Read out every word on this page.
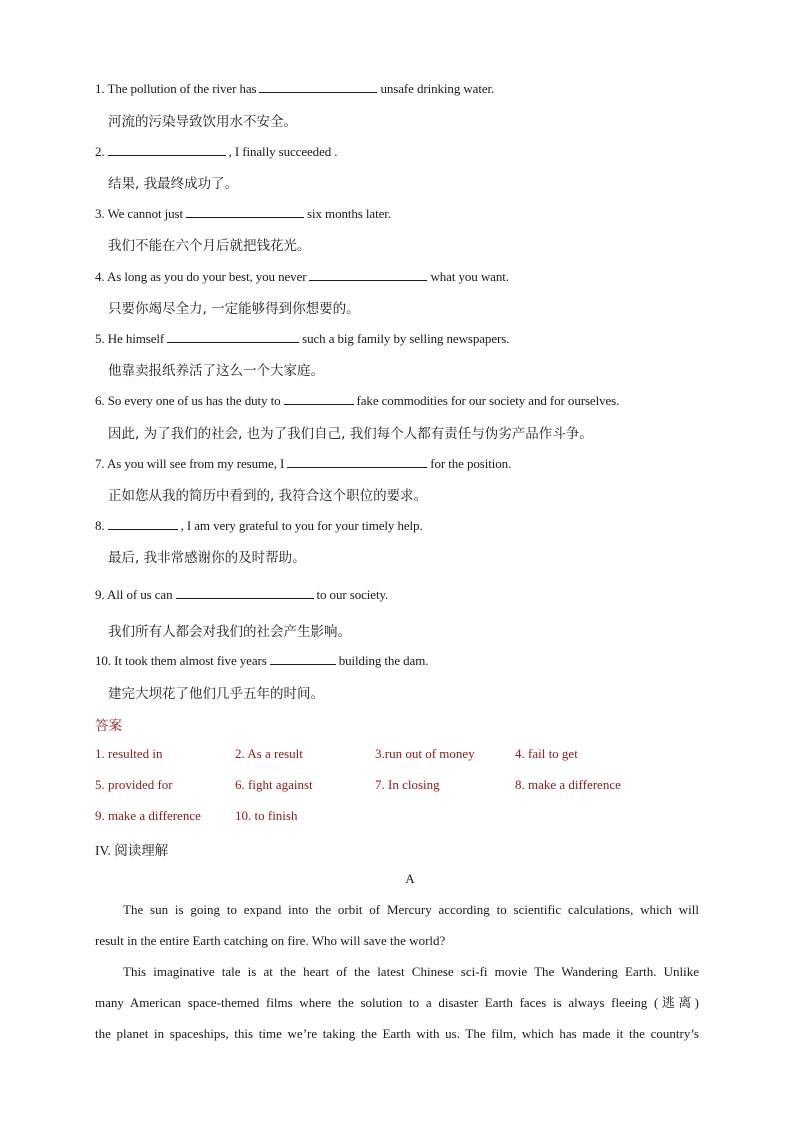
1. The pollution of the river has	unsafe drinking water.
河流的污染导致饮用水不安全。
2.	, I finally succeeded .
结果, 我最终成功了。
3. We cannot just	six months later.
我们不能在六个月后就把钱花光。
4. As long as you do your best, you never	what you want.
只要你竭尽全力, 一定能够得到你想要的。
5. He himself	such a big family by selling newspapers.
他靠卖报纸养活了这么一个大家庭。
6. So every one of us has the duty to	fake commodities for our society and for ourselves.
因此, 为了我们的社会, 也为了我们自己, 我们每个人都有责任与伪劣产品作斗争。
7. As you will see from my resume, I	for the position.
正如您从我的简历中看到的, 我符合这个职位的要求。
8.	, I am very grateful to you for your timely help.
最后, 我非常感谢你的及时帮助。
9. All of us can	to our society.
我们所有人都会对我们的社会产生影响。
10. It took them almost five years	building the dam.
建完大坝花了他们几乎五年的时间。
答案
1. resulted in	2. As a result	3.run out of money	4. fail to get
5. provided for	6. fight against	7. In closing	8. make a difference
9. make a difference	10. to finish
IV. 阅读理解
A
The sun is going to expand into the orbit of Mercury according to scientific calculations, which will
result in the entire Earth catching on fire. Who will save the world?
This imaginative tale is at the heart of the latest Chinese sci-fi movie The Wandering Earth. Unlike
many American space-themed films where the solution to a disaster Earth faces is always fleeing (逃离)
the planet in spaceships, this time we’re taking the Earth with us. The film, which has made it the country’s
